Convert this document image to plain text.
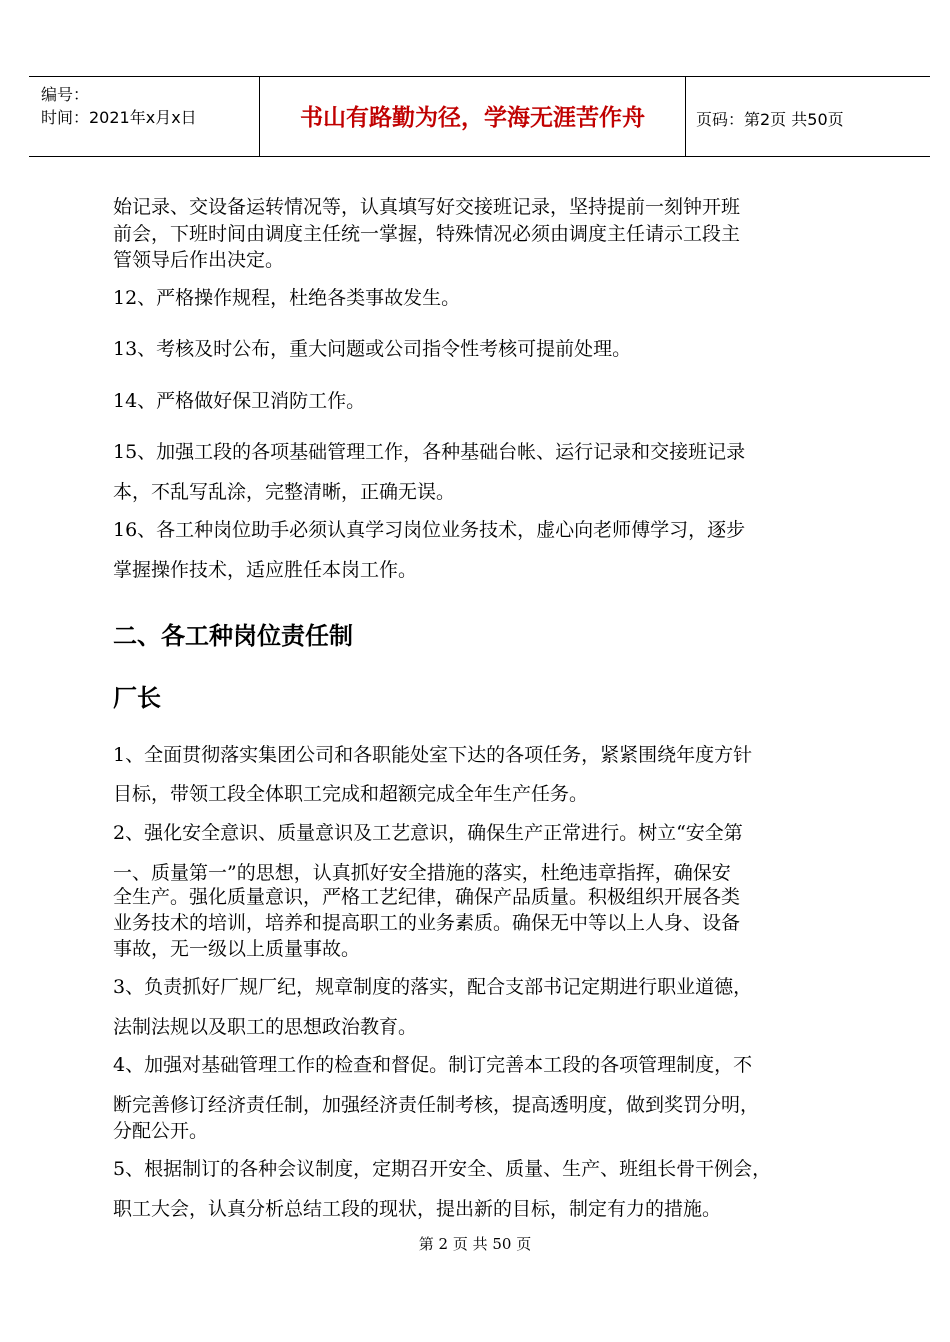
编号：
时间：2021年x月x日	书山有路勤为径，学海无涯苦作舟	页码：第2页 共50页
始记录、交设备运转情况等，认真填写好交接班记录，坚持提前一刻钟开班
前会，下班时间由调度主任统一掌握，特殊情况必须由调度主任请示工段主
管领导后作出决定。
12、严格操作规程，杜绝各类事故发生。
13、考核及时公布，重大问题或公司指令性考核可提前处理。
14、严格做好保卫消防工作。
15、加强工段的各项基础管理工作，各种基础台帐、运行记录和交接班记录
本，不乱写乱涂，完整清晰，正确无误。
16、各工种岗位助手必须认真学习岗位业务技术，虚心向老师傅学习，逐步
掌握操作技术，适应胜任本岗工作。
二、各工种岗位责任制
厂长
1、全面贯彻落实集团公司和各职能处室下达的各项任务，紧紧围绕年度方针
目标，带领工段全体职工完成和超额完成全年生产任务。
2、强化安全意识、质量意识及工艺意识，确保生产正常进行。树立“安全第
一、质量第一”的思想，认真抓好安全措施的落实，杜绝违章指挥，确保安
全生产。强化质量意识，严格工艺纪律，确保产品质量。积极组织开展各类
业务技术的培训，培养和提高职工的业务素质。确保无中等以上人身、设备
事故，无一级以上质量事故。
3、负责抓好厂规厂纪，规章制度的落实，配合支部书记定期进行职业道德，
法制法规以及职工的思想政治教育。
4、加强对基础管理工作的检查和督促。制订完善本工段的各项管理制度，不
断完善修订经济责任制，加强经济责任制考核，提高透明度，做到奖罚分明，
分配公开。
5、根据制订的各种会议制度，定期召开安全、质量、生产、班组长骨干例会，
职工大会，认真分析总结工段的现状，提出新的目标，制定有力的措施。
第 2 页 共 50 页
